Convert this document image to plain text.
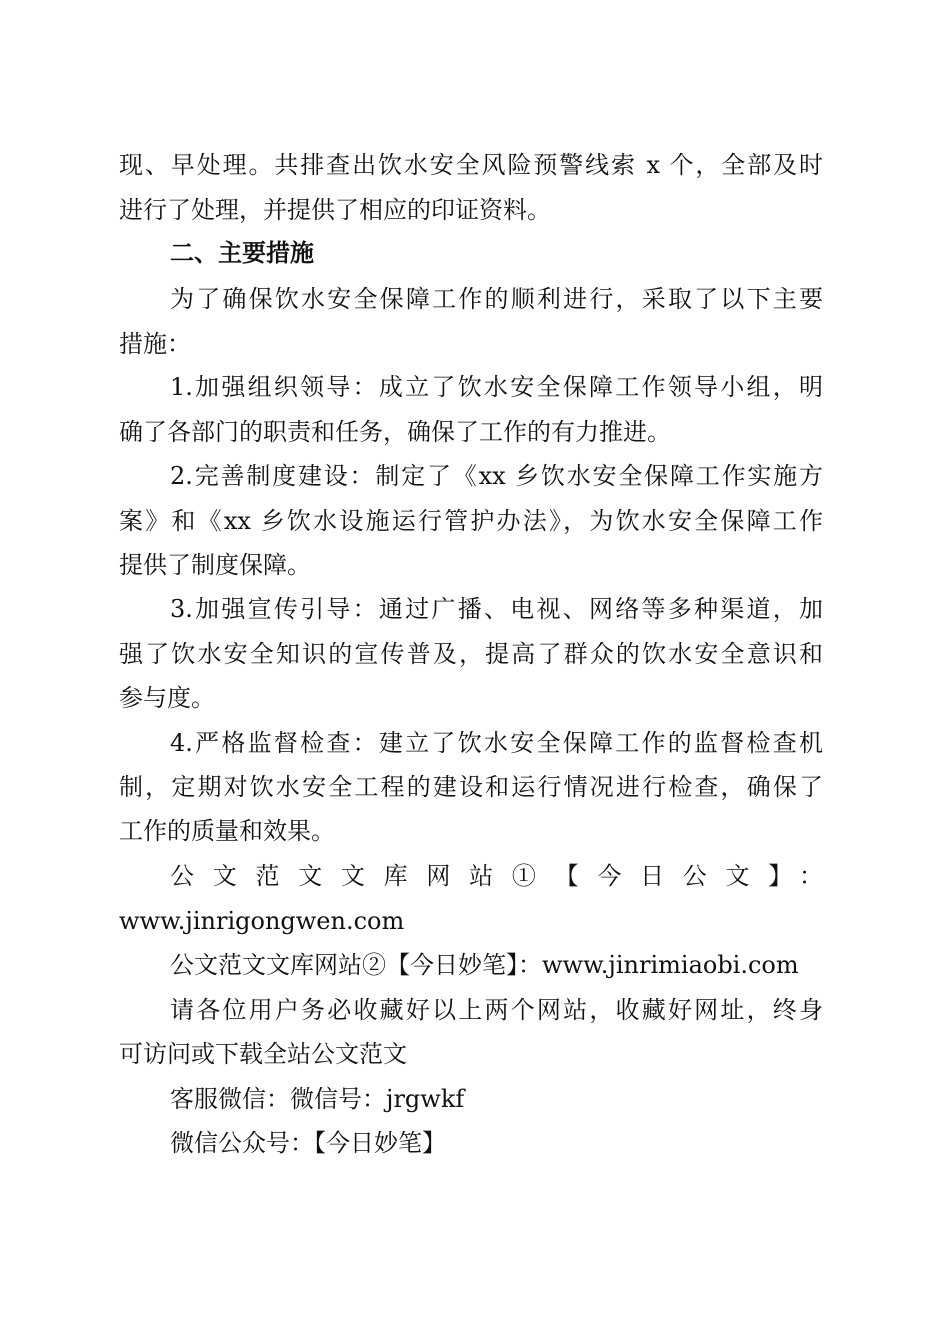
现、早处理。共排查出饮水安全风险预警线索 x 个，全部及时
进行了处理，并提供了相应的印证资料。
二、主要措施
为了确保饮水安全保障工作的顺利进行，采取了以下主要
措施：
1.加强组织领导：成立了饮水安全保障工作领导小组，明
确了各部门的职责和任务，确保了工作的有力推进。
2.完善制度建设：制定了《xx 乡饮水安全保障工作实施方
案》和《xx 乡饮水设施运行管护办法》，为饮水安全保障工作
提供了制度保障。
3.加强宣传引导：通过广播、电视、网络等多种渠道，加
强了饮水安全知识的宣传普及，提高了群众的饮水安全意识和
参与度。
4.严格监督检查：建立了饮水安全保障工作的监督检查机
制，定期对饮水安全工程的建设和运行情况进行检查，确保了
工作的质量和效果。
公文范文文库网站①【今日公文】：
www.jinrigongwen.com
公文范文文库网站②【今日妙笔】：www.jinrimiaobi.com
请各位用户务必收藏好以上两个网站，收藏好网址，终身
可访问或下载全站公文范文
客服微信：微信号：jrgwkf
微信公众号：【今日妙笔】
